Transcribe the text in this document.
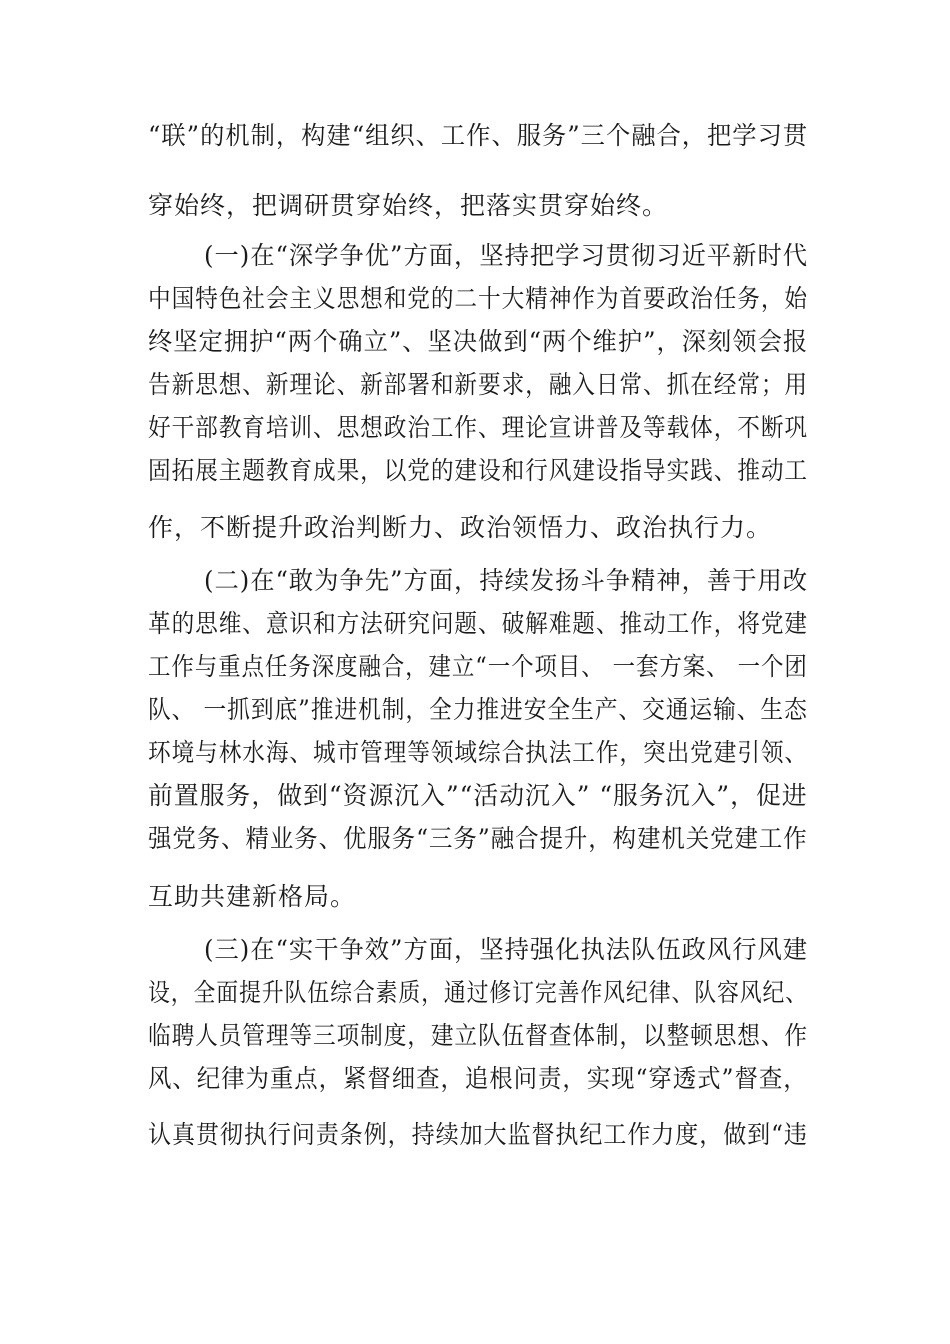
“联”的机制，构建“组织、工作、服务”三个融合，把学习贯
穿始终，把调研贯穿始终，把落实贯穿始终。
(一)在“深学争优”方面，坚持把学习贯彻习近平新时代
中国特色社会主义思想和党的二十大精神作为首要政治任务，始
终坚定拥护“两个确立”、坚决做到“两个维护”，深刻领会报
告新思想、新理论、新部署和新要求，融入日常、抓在经常；用
好干部教育培训、思想政治工作、理论宣讲普及等载体，不断巩
固拓展主题教育成果，以党的建设和行风建设指导实践、推动工
作，不断提升政治判断力、政治领悟力、政治执行力。
(二)在“敢为争先”方面，持续发扬斗争精神，善于用改
革的思维、意识和方法研究问题、破解难题、推动工作，将党建
工作与重点任务深度融合，建立“一个项目、 一套方案、 一个团
队、 一抓到底”推进机制，全力推进安全生产、交通运输、生态
环境与林水海、城市管理等领域综合执法工作，突出党建引领、
前置服务，做到“资源沉入”“活动沉入” “服务沉入”，促进
强党务、精业务、优服务“三务”融合提升，构建机关党建工作
互助共建新格局。
(三)在“实干争效”方面，坚持强化执法队伍政风行风建
设，全面提升队伍综合素质，通过修订完善作风纪律、队容风纪、
临聘人员管理等三项制度，建立队伍督查体制，以整顿思想、作
风、纪律为重点，紧督细查，追根问责，实现“穿透式”督查，
认真贯彻执行问责条例，持续加大监督执纪工作力度，做到“违
